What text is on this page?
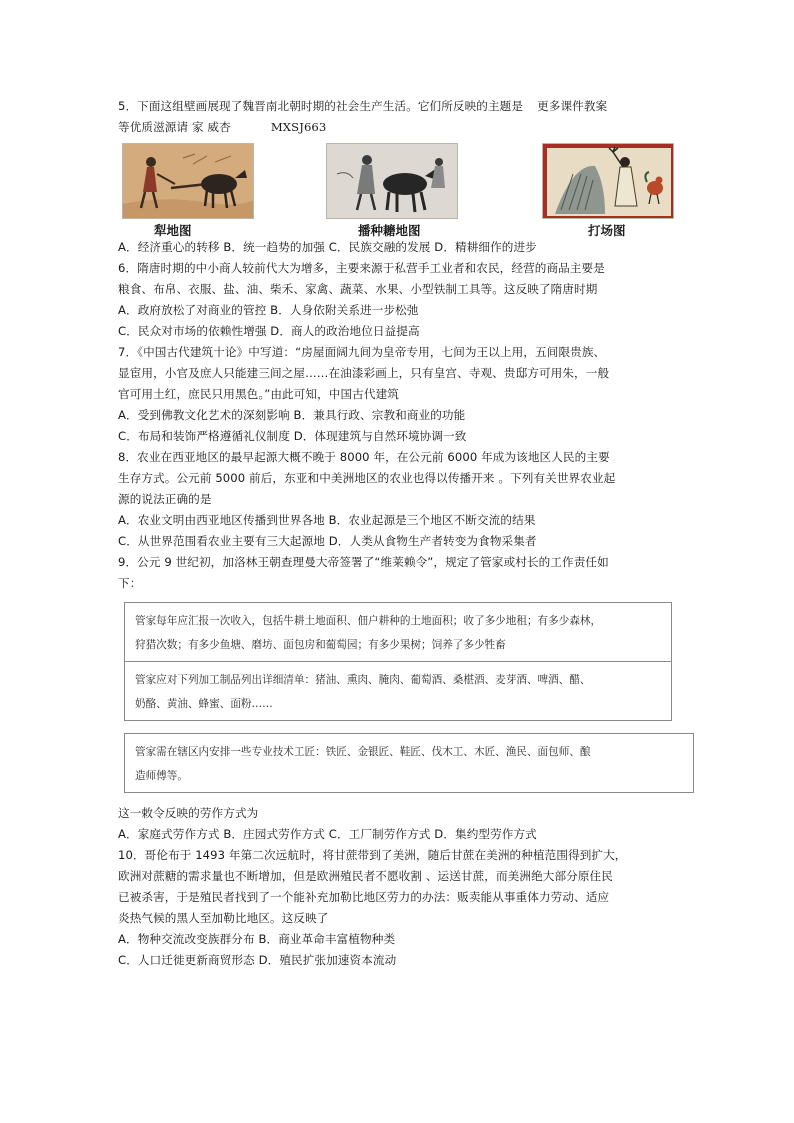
5．下面这组壁画展现了魏晋南北朝时期的社会生产生活。它们所反映的主题是 更多课件教案
等优质滋源请 家 威杏	MXSJ663
犁地图	播种耱地图	打场图
A．经济重心的转移 B．统一趋势的加强 C．民族交融的发展 D．精耕细作的进步
6．隋唐时期的中小商人较前代大为增多，主要来源于私营手工业者和农民，经营的商品主要是
粮食、布帛、衣服、盐、油、柴禾、家禽、蔬菜、水果、小型铁制工具等。这反映了隋唐时期
A．政府放松了对商业的管控 B．人身依附关系进一步松弛
C．民众对市场的依赖性增强 D．商人的政治地位日益提高
7．《中国古代建筑十论》中写道：“房屋面阔九间为皇帝专用，七间为王以上用，五间限贵族、
显宦用，小官及庶人只能建三间之屋……在油漆彩画上，只有皇宫、寺观、贵邸方可用朱，一般
官可用土红，庶民只用黑色。”由此可知，中国古代建筑
A．受到佛教文化艺术的深刻影响 B．兼具行政、宗教和商业的功能
C．布局和装饰严格遵循礼仪制度 D．体现建筑与自然环境协调一致
8．农业在西亚地区的最早起源大概不晚于 8000 年，在公元前 6000 年成为该地区人民的主要
生存方式。公元前 5000 前后，东亚和中美洲地区的农业也得以传播开来 。下列有关世界农业起
源的说法正确的是
A．农业文明由西亚地区传播到世界各地 B．农业起源是三个地区不断交流的结果
C．从世界范围看农业主要有三大起源地 D．人类从食物生产者转变为食物采集者
9．公元 9 世纪初，加洛林王朝查理曼大帝签署了“维莱赖令”，规定了管家或村长的工作责任如
下：
管家每年应汇报一次收入，包括牛耕土地面积、佃户耕种的土地面积；收了多少地租；有多少森林，
狩猎次数；有多少鱼塘、磨坊、面包房和葡萄园；有多少果树；饲养了多少牲畜
管家应对下列加工制品列出详细清单：猪油、熏肉、腌肉、葡萄酒、桑椹酒、麦芽酒、啤酒、醋、
奶酪、黄油、蜂蜜、面粉……
管家需在辖区内安排一些专业技术工匠：铁匠、金银匠、鞋匠、伐木工、木匠、渔民、面包师、酿
造师傅等。
这一敕令反映的劳作方式为
A．家庭式劳作方式 B．庄园式劳作方式 C．工厂制劳作方式 D．集约型劳作方式
10．哥伦布于 1493 年第二次远航时，将甘蔗带到了美洲，随后甘蔗在美洲的种植范围得到扩大，
欧洲对蔗糖的需求量也不断增加，但是欧洲殖民者不愿收割 、运送甘蔗，而美洲绝大部分原住民
已被杀害，于是殖民者找到了一个能补充加勒比地区劳力的办法：贩卖能从事重体力劳动、适应
炎热气候的黑人至加勒比地区。这反映了
A．物种交流改变族群分布 B．商业革命丰富植物种类
C．人口迁徙更新商贸形态 D．殖民扩张加速资本流动
